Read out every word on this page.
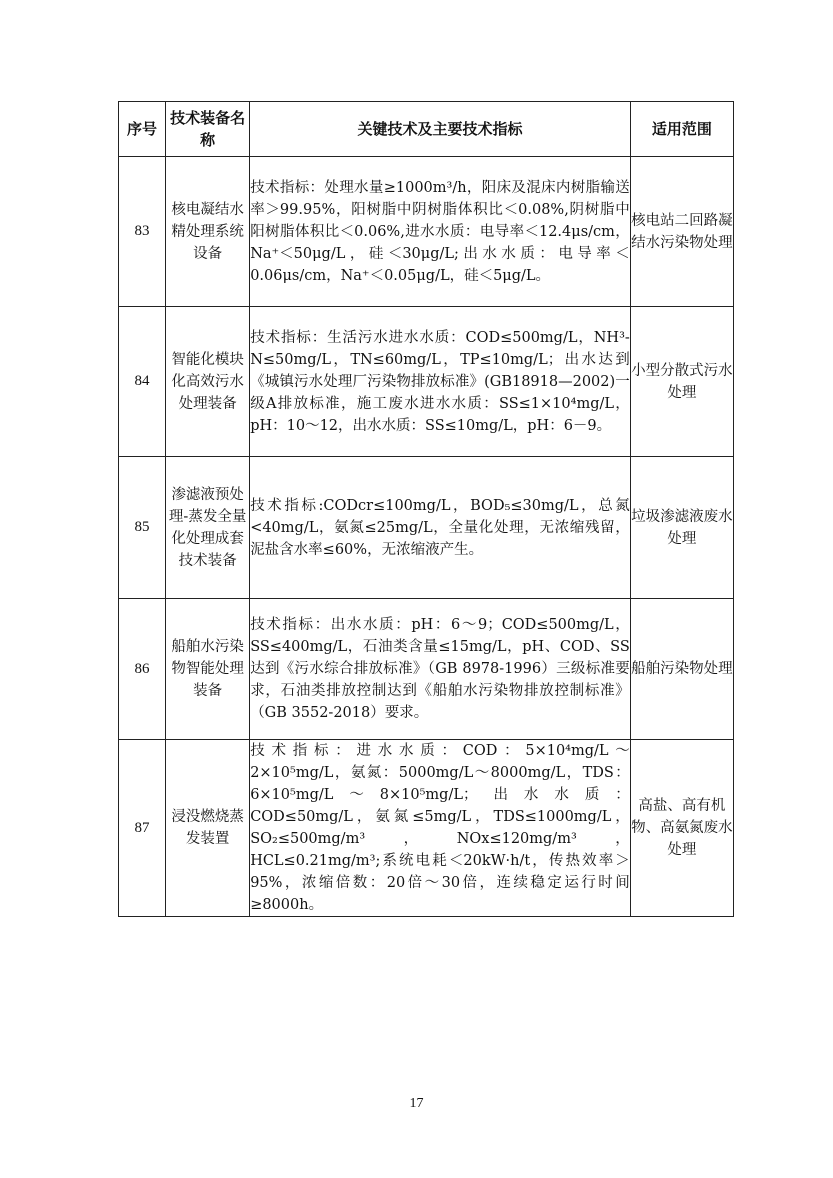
序号	技术装备名称	关键技术及主要技术指标	适用范围
83	核电凝结水精处理系统设备	技术指标：处理水量≥1000m³/h，阳床及混床内树脂输送率＞99.95%，阳树脂中阴树脂体积比＜0.08%,阴树脂中阳树脂体积比＜0.06%,进水水质：电导率＜12.4μs/cm，Na⁺＜50μg/L，硅＜30μg/L;出水水质：电导率＜0.06μs/cm，Na⁺＜0.05μg/L，硅＜5μg/L。	核电站二回路凝结水污染物处理
84	智能化模块化高效污水处理装备	技术指标：生活污水进水水质：COD≤500mg/L，NH³-N≤50mg/L，TN≤60mg/L，TP≤10mg/L；出水达到《城镇污水处理厂污染物排放标准》(GB18918—2002)一级A排放标准，施工废水进水水质：SS≤1×10⁴mg/L，pH：10～12，出水水质：SS≤10mg/L，pH：6－9。	小型分散式污水处理
85	渗滤液预处理-蒸发全量化处理成套技术装备	技术指标:CODcr≤100mg/L，BOD₅≤30mg/L，总氮<40mg/L，氨氮≤25mg/L，全量化处理，无浓缩残留，泥盐含水率≤60%，无浓缩液产生。	垃圾渗滤液废水处理
86	船舶水污染物智能处理装备	技术指标：出水水质：pH：6～9；COD≤500mg/L，SS≤400mg/L，石油类含量≤15mg/L，pH、COD、SS达到《污水综合排放标准》（GB 8978-1996）三级标准要求，石油类排放控制达到《船舶水污染物排放控制标准》（GB 3552-2018）要求。	船舶污染物处理
87	浸没燃烧蒸发装置	技术指标：进水水质：COD：5×10⁴mg/L～2×10⁵mg/L，氨氮：5000mg/L～8000mg/L，TDS：6×10⁵mg/L～8×10⁵mg/L；出水水质：COD≤50mg/L，氨氮≤5mg/L，TDS≤1000mg/L，SO₂≤500mg/m³，NOx≤120mg/m³，HCL≤0.21mg/m³;系统电耗＜20kW·h/t，传热效率＞95%，浓缩倍数：20倍～30倍，连续稳定运行时间≥8000h。	高盐、高有机物、高氨氮废水处理
17
